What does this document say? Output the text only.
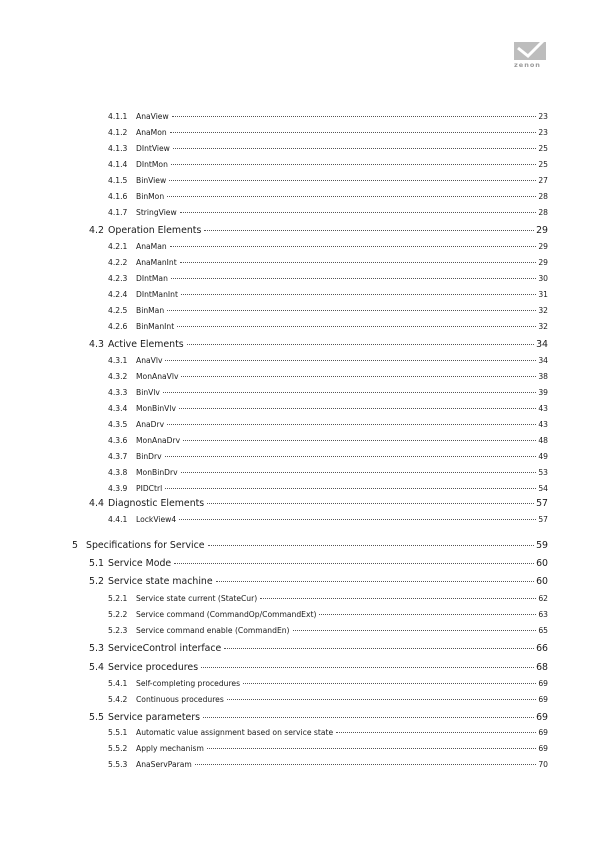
zenon
4.1.1	AnaView	23
4.1.2	AnaMon	23
4.1.3	DIntView	25
4.1.4	DIntMon	25
4.1.5	BinView	27
4.1.6	BinMon	28
4.1.7	StringView	28
4.2 Operation Elements	29
4.2.1	AnaMan	29
4.2.2	AnaManInt	29
4.2.3	DIntMan	30
4.2.4	DIntManInt	31
4.2.5	BinMan	32
4.2.6	BinManInt	32
4.3 Active Elements	34
4.3.1	AnaVlv	34
4.3.2	MonAnaVlv	38
4.3.3	BinVlv	39
4.3.4	MonBinVlv	43
4.3.5	AnaDrv	43
4.3.6	MonAnaDrv	48
4.3.7	BinDrv	49
4.3.8	MonBinDrv	53
4.3.9	PIDCtrl	54
4.4 Diagnostic Elements	57
4.4.1	LockView4	57
5 Specifications for Service	59
5.1 Service Mode	60
5.2 Service state machine	60
5.2.1	Service state current (StateCur)	62
5.2.2	Service command (CommandOp/CommandExt)	63
5.2.3	Service command enable (CommandEn)	65
5.3 ServiceControl interface	66
5.4 Service procedures	68
5.4.1	Self-completing procedures	69
5.4.2	Continuous procedures	69
5.5 Service parameters	69
5.5.1	Automatic value assignment based on service state	69
5.5.2	Apply mechanism	69
5.5.3	AnaServParam	70
